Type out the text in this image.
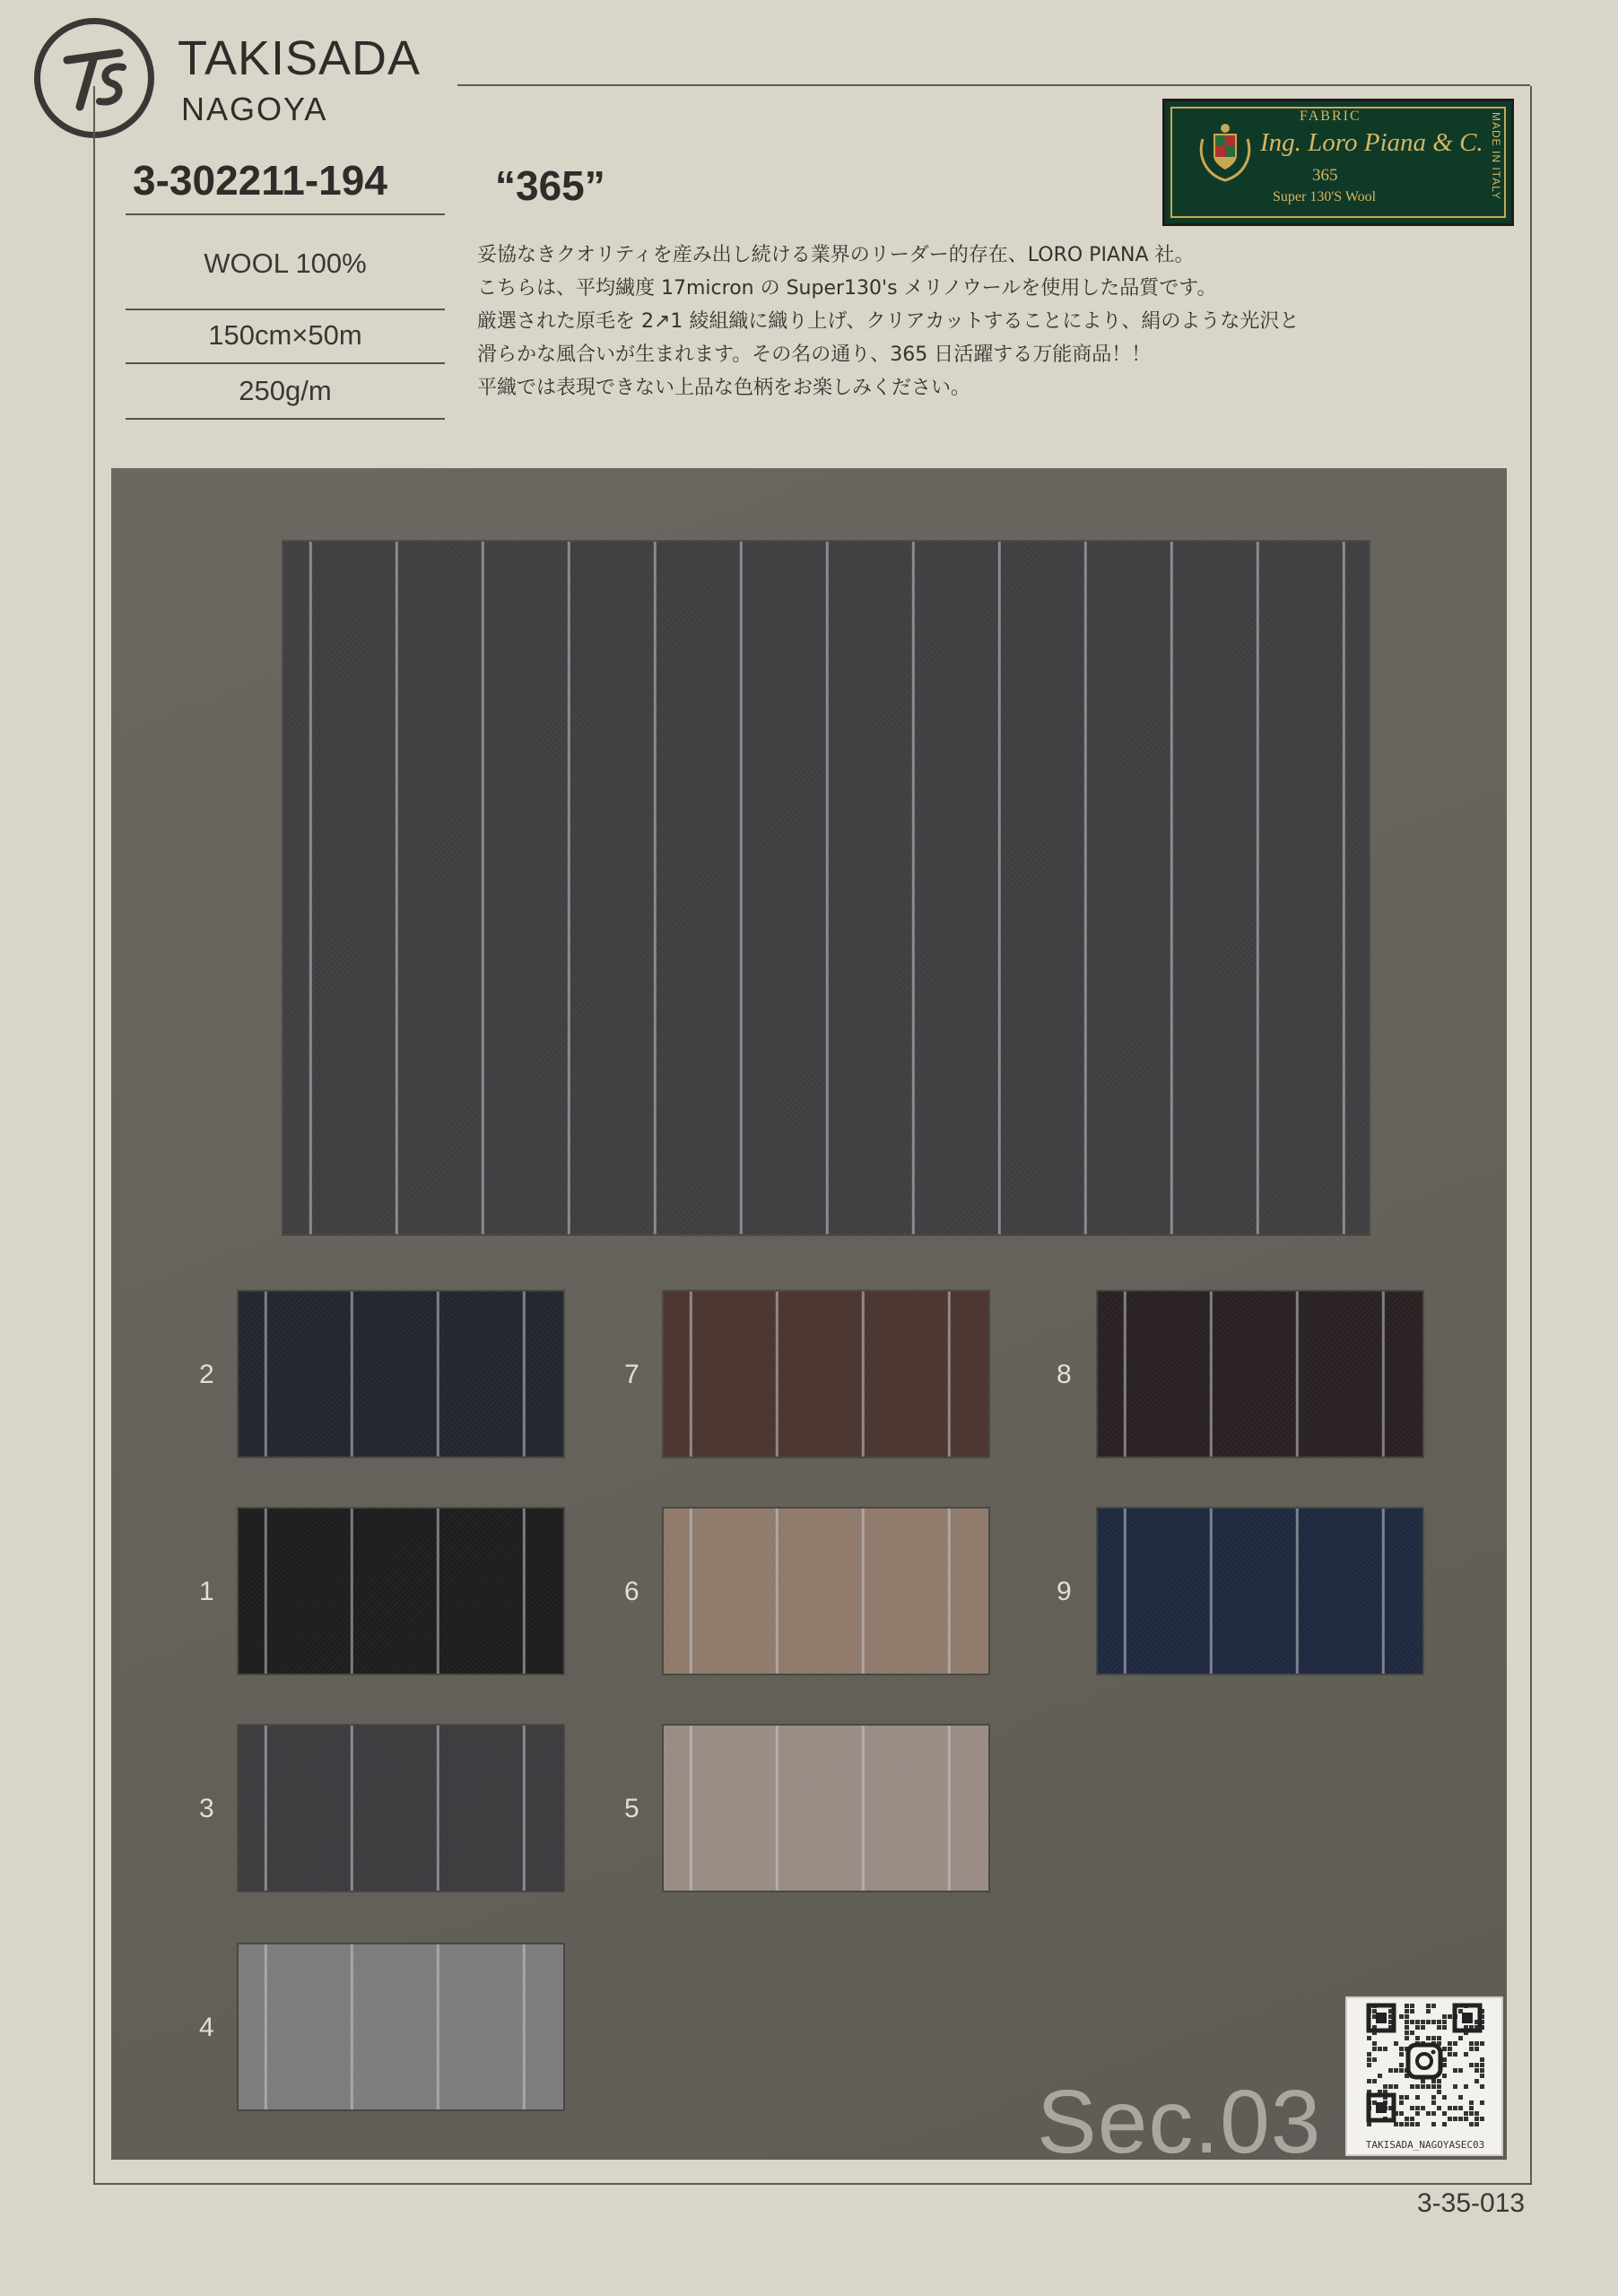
TAKISADA
NAGOYA
3-302211-194	“365”
WOOL 100%
150cm×50m
250g/m
妥協なきクオリティを産み出し続ける業界のリーダー的存在、LORO PIANA 社。
こちらは、平均繊度 17micron の Super130's メリノウールを使用した品質です。
厳選された原毛を 2↗1 綾組織に織り上げ、クリアカットすることにより、絹のような光沢と
滑らかな風合いが生まれます。その名の通り、365 日活躍する万能商品！！
平織では表現できない上品な色柄をお楽しみください。
FABRIC
Ing. Loro Piana & C.
365
Super 130'S Wool	MADE IN ITALY
2	7	8
1	6	9
3	5
4
Sec.03	TAKISADA_NAGOYASEC03
3-35-013
